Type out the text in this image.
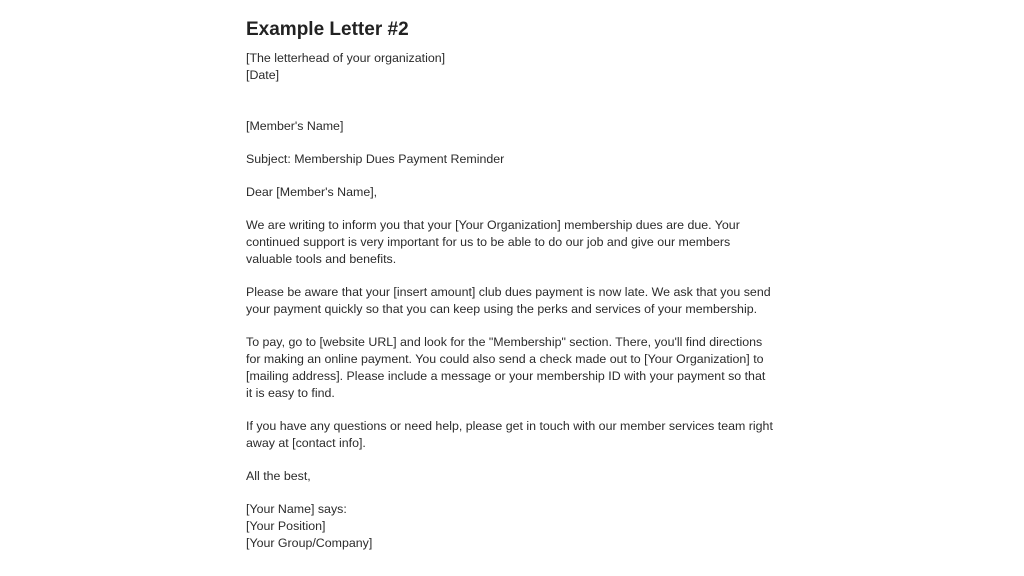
Example Letter #2

[The letterhead of your organization]
[Date]

[Member's Name]

Subject: Membership Dues Payment Reminder

Dear [Member's Name],

We are writing to inform you that your [Your Organization] membership dues are due. Your
continued support is very important for us to be able to do our job and give our members
valuable tools and benefits.

Please be aware that your [insert amount] club dues payment is now late. We ask that you send
your payment quickly so that you can keep using the perks and services of your membership.

To pay, go to [website URL] and look for the "Membership" section. There, you'll find directions
for making an online payment. You could also send a check made out to [Your Organization] to
[mailing address]. Please include a message or your membership ID with your payment so that
it is easy to find.

If you have any questions or need help, please get in touch with our member services team right
away at [contact info].

All the best,

[Your Name] says:
[Your Position]
[Your Group/Company]
